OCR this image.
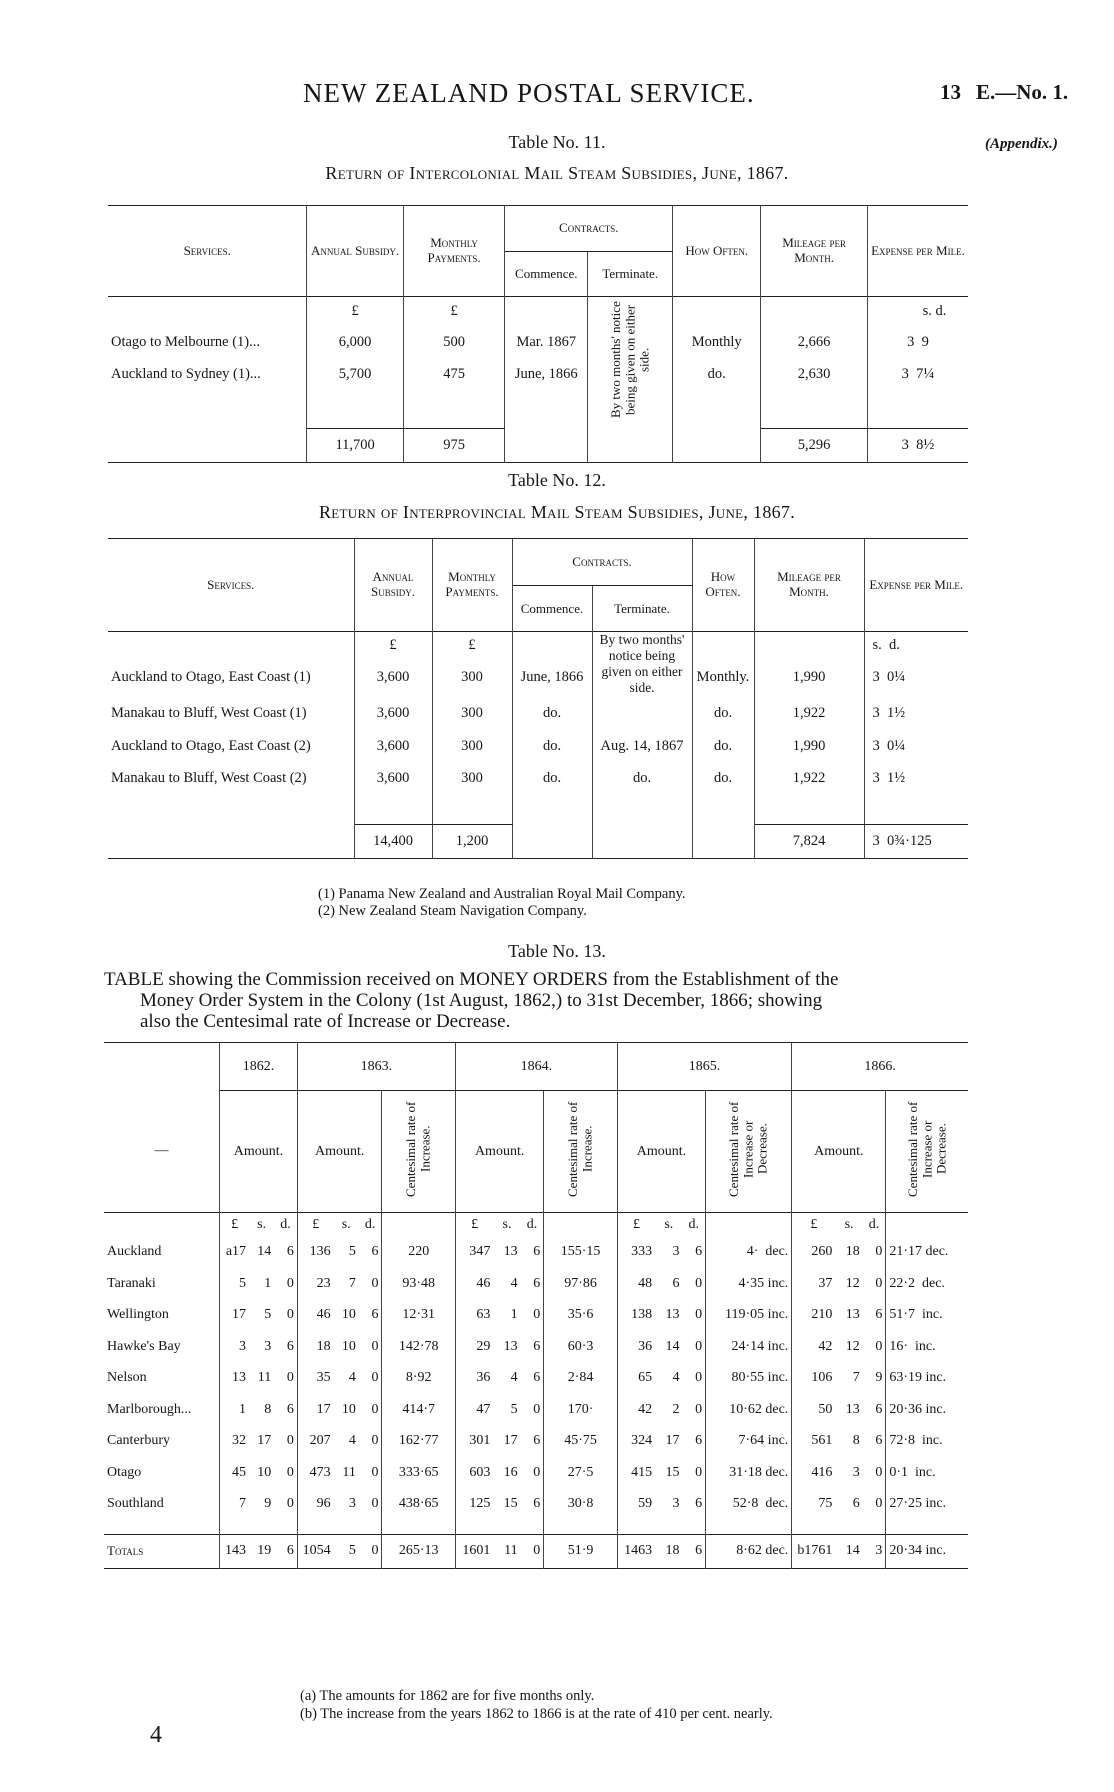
NEW ZEALAND POSTAL SERVICE.	13 E.—No. 1.
(Appendix.)
Table No. 11.
Return of Intercolonial Mail Steam Subsidies, June, 1867.
Services.	Annual Subsidy.	Monthly Payments.	Contracts.		How Often.	Mileage per Month.	Expense per Mile.
			Commence.	Terminate.			
	£	£		By two months' notice being given on either side.			s. d.
Otago to Melbourne (1)...	6,000	500	Mar. 1867		Monthly	2,666	3  9
Auckland to Sydney (1)...	5,700	475	June, 1866		do.	2,630	3  7¼

	11,700	975				5,296	3  8½
Table No. 12.
Return of Interprovincial Mail Steam Subsidies, June, 1867.
Services.	Annual Subsidy.	Monthly Payments.	Contracts.		How Often.	Mileage per Month.	Expense per Mile.
			Commence.	Terminate.			
	£	£		By two months' notice being given on either side.			s.  d.
Auckland to Otago, East Coast (1)	3,600	300	June, 1866		Monthly.	1,990	3  0¼
Manakau to Bluff, West Coast (1)	3,600	300	do.		do.	1,922	3  1½
Auckland to Otago, East Coast (2)	3,600	300	do.	Aug. 14, 1867	do.	1,990	3  0¼
Manakau to Bluff, West Coast (2)	3,600	300	do.	do.	do.	1,922	3  1½

	14,400	1,200				7,824	3  0¾·125
(1) Panama New Zealand and Australian Royal Mail Company.
(2) New Zealand Steam Navigation Company.
Table No. 13.
TABLE showing the Commission received on MONEY ORDERS from the Establishment of the
Money Order System in the Colony (1st August, 1862,) to 31st December, 1866; showing
also the Centesimal rate of Increase or Decrease.
	1862.			1863.				1864.				1865.				1866.			
—	Amount.			Amount.			Centesimal rate of Increase.	Amount.			Centesimal rate of Increase.	Amount.			Centesimal rate of Increase or Decrease.	Amount.			Centesimal rate of Increase or Decrease.
	£	s.	d.	£	s.	d.		£	s.	d.		£	s.	d.		£	s.	d.	
Auckland	a17	14	6	136	5	6	220	347	13	6	155·15	333	3	6	4·  dec.	260	18	0	21·17 dec.
Taranaki	5	1	0	23	7	0	93·48	46	4	6	97·86	48	6	0	4·35 inc.	37	12	0	22·2  dec.
Wellington	17	5	0	46	10	6	12·31	63	1	0	35·6	138	13	0	119·05 inc.	210	13	6	51·7  inc.
Hawke's Bay	3	3	6	18	10	0	142·78	29	13	6	60·3	36	14	0	24·14 inc.	42	12	0	16·  inc.
Nelson	13	11	0	35	4	0	8·92	36	4	6	2·84	65	4	0	80·55 inc.	106	7	9	63·19 inc.
Marlborough...	1	8	6	17	10	0	414·7	47	5	0	170·	42	2	0	10·62 dec.	50	13	6	20·36 inc.
Canterbury	32	17	0	207	4	0	162·77	301	17	6	45·75	324	17	6	7·64 inc.	561	8	6	72·8  inc.
Otago	45	10	0	473	11	0	333·65	603	16	0	27·5	415	15	0	31·18 dec.	416	3	0	0·1  inc.
Southland	7	9	0	96	3	0	438·65	125	15	6	30·8	59	3	6	52·8  dec.	75	6	0	27·25 inc.

Totals	143	19	6	1054	5	0	265·13	1601	11	0	51·9	1463	18	6	8·62 dec.	b1761	14	3	20·34 inc.
(a) The amounts for 1862 are for five months only.
(b) The increase from the years 1862 to 1866 is at the rate of 410 per cent. nearly.
4
